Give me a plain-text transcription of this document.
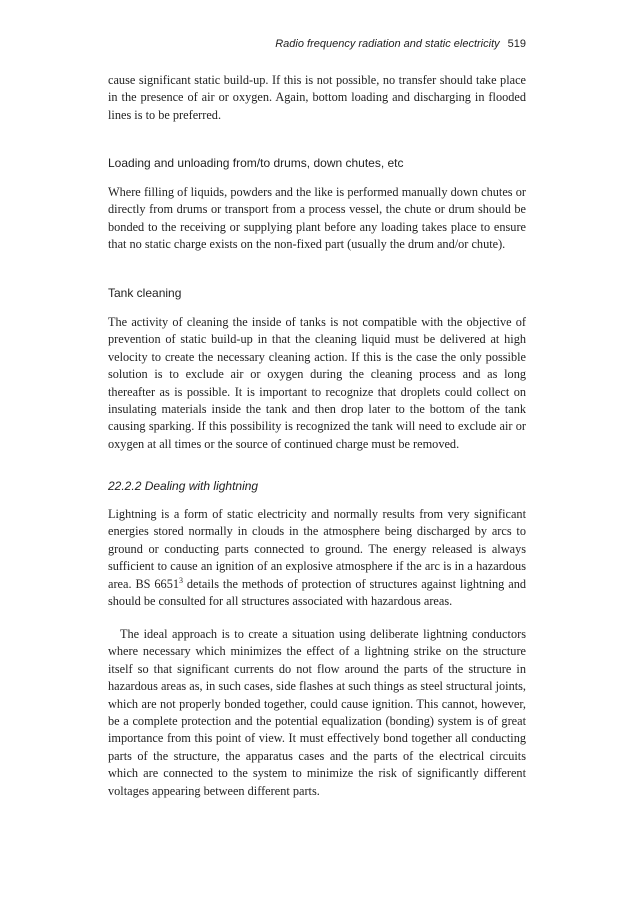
Radio frequency radiation and static electricity 519

cause significant static build-up. If this is not possible, no transfer should take place in the presence of air or oxygen. Again, bottom loading and discharging in flooded lines is to be preferred.

Loading and unloading from/to drums, down chutes, etc

Where filling of liquids, powders and the like is performed manually down chutes or directly from drums or transport from a process vessel, the chute or drum should be bonded to the receiving or supplying plant before any loading takes place to ensure that no static charge exists on the non-fixed part (usually the drum and/or chute).

Tank cleaning

The activity of cleaning the inside of tanks is not compatible with the objective of prevention of static build-up in that the cleaning liquid must be delivered at high velocity to create the necessary cleaning action. If this is the case the only possible solution is to exclude air or oxygen during the cleaning process and as long thereafter as is possible. It is important to recognize that droplets could collect on insulating materials inside the tank and then drop later to the bottom of the tank causing sparking. If this possibility is recognized the tank will need to exclude air or oxygen at all times or the source of continued charge must be removed.

22.2.2 Dealing with lightning

Lightning is a form of static electricity and normally results from very significant energies stored normally in clouds in the atmosphere being discharged by arcs to ground or conducting parts connected to ground. The energy released is always sufficient to cause an ignition of an explosive atmosphere if the arc is in a hazardous area. BS 6651$^3$ details the methods of protection of structures against lightning and should be consulted for all structures associated with hazardous areas.

The ideal approach is to create a situation using deliberate lightning conductors where necessary which minimizes the effect of a lightning strike on the structure itself so that significant currents do not flow around the parts of the structure in hazardous areas as, in such cases, side flashes at such things as steel structural joints, which are not properly bonded together, could cause ignition. This cannot, however, be a complete protection and the potential equalization (bonding) system is of great importance from this point of view. It must effectively bond together all conducting parts of the structure, the apparatus cases and the parts of the electrical circuits which are connected to the system to minimize the risk of significantly different voltages appearing between different parts.
